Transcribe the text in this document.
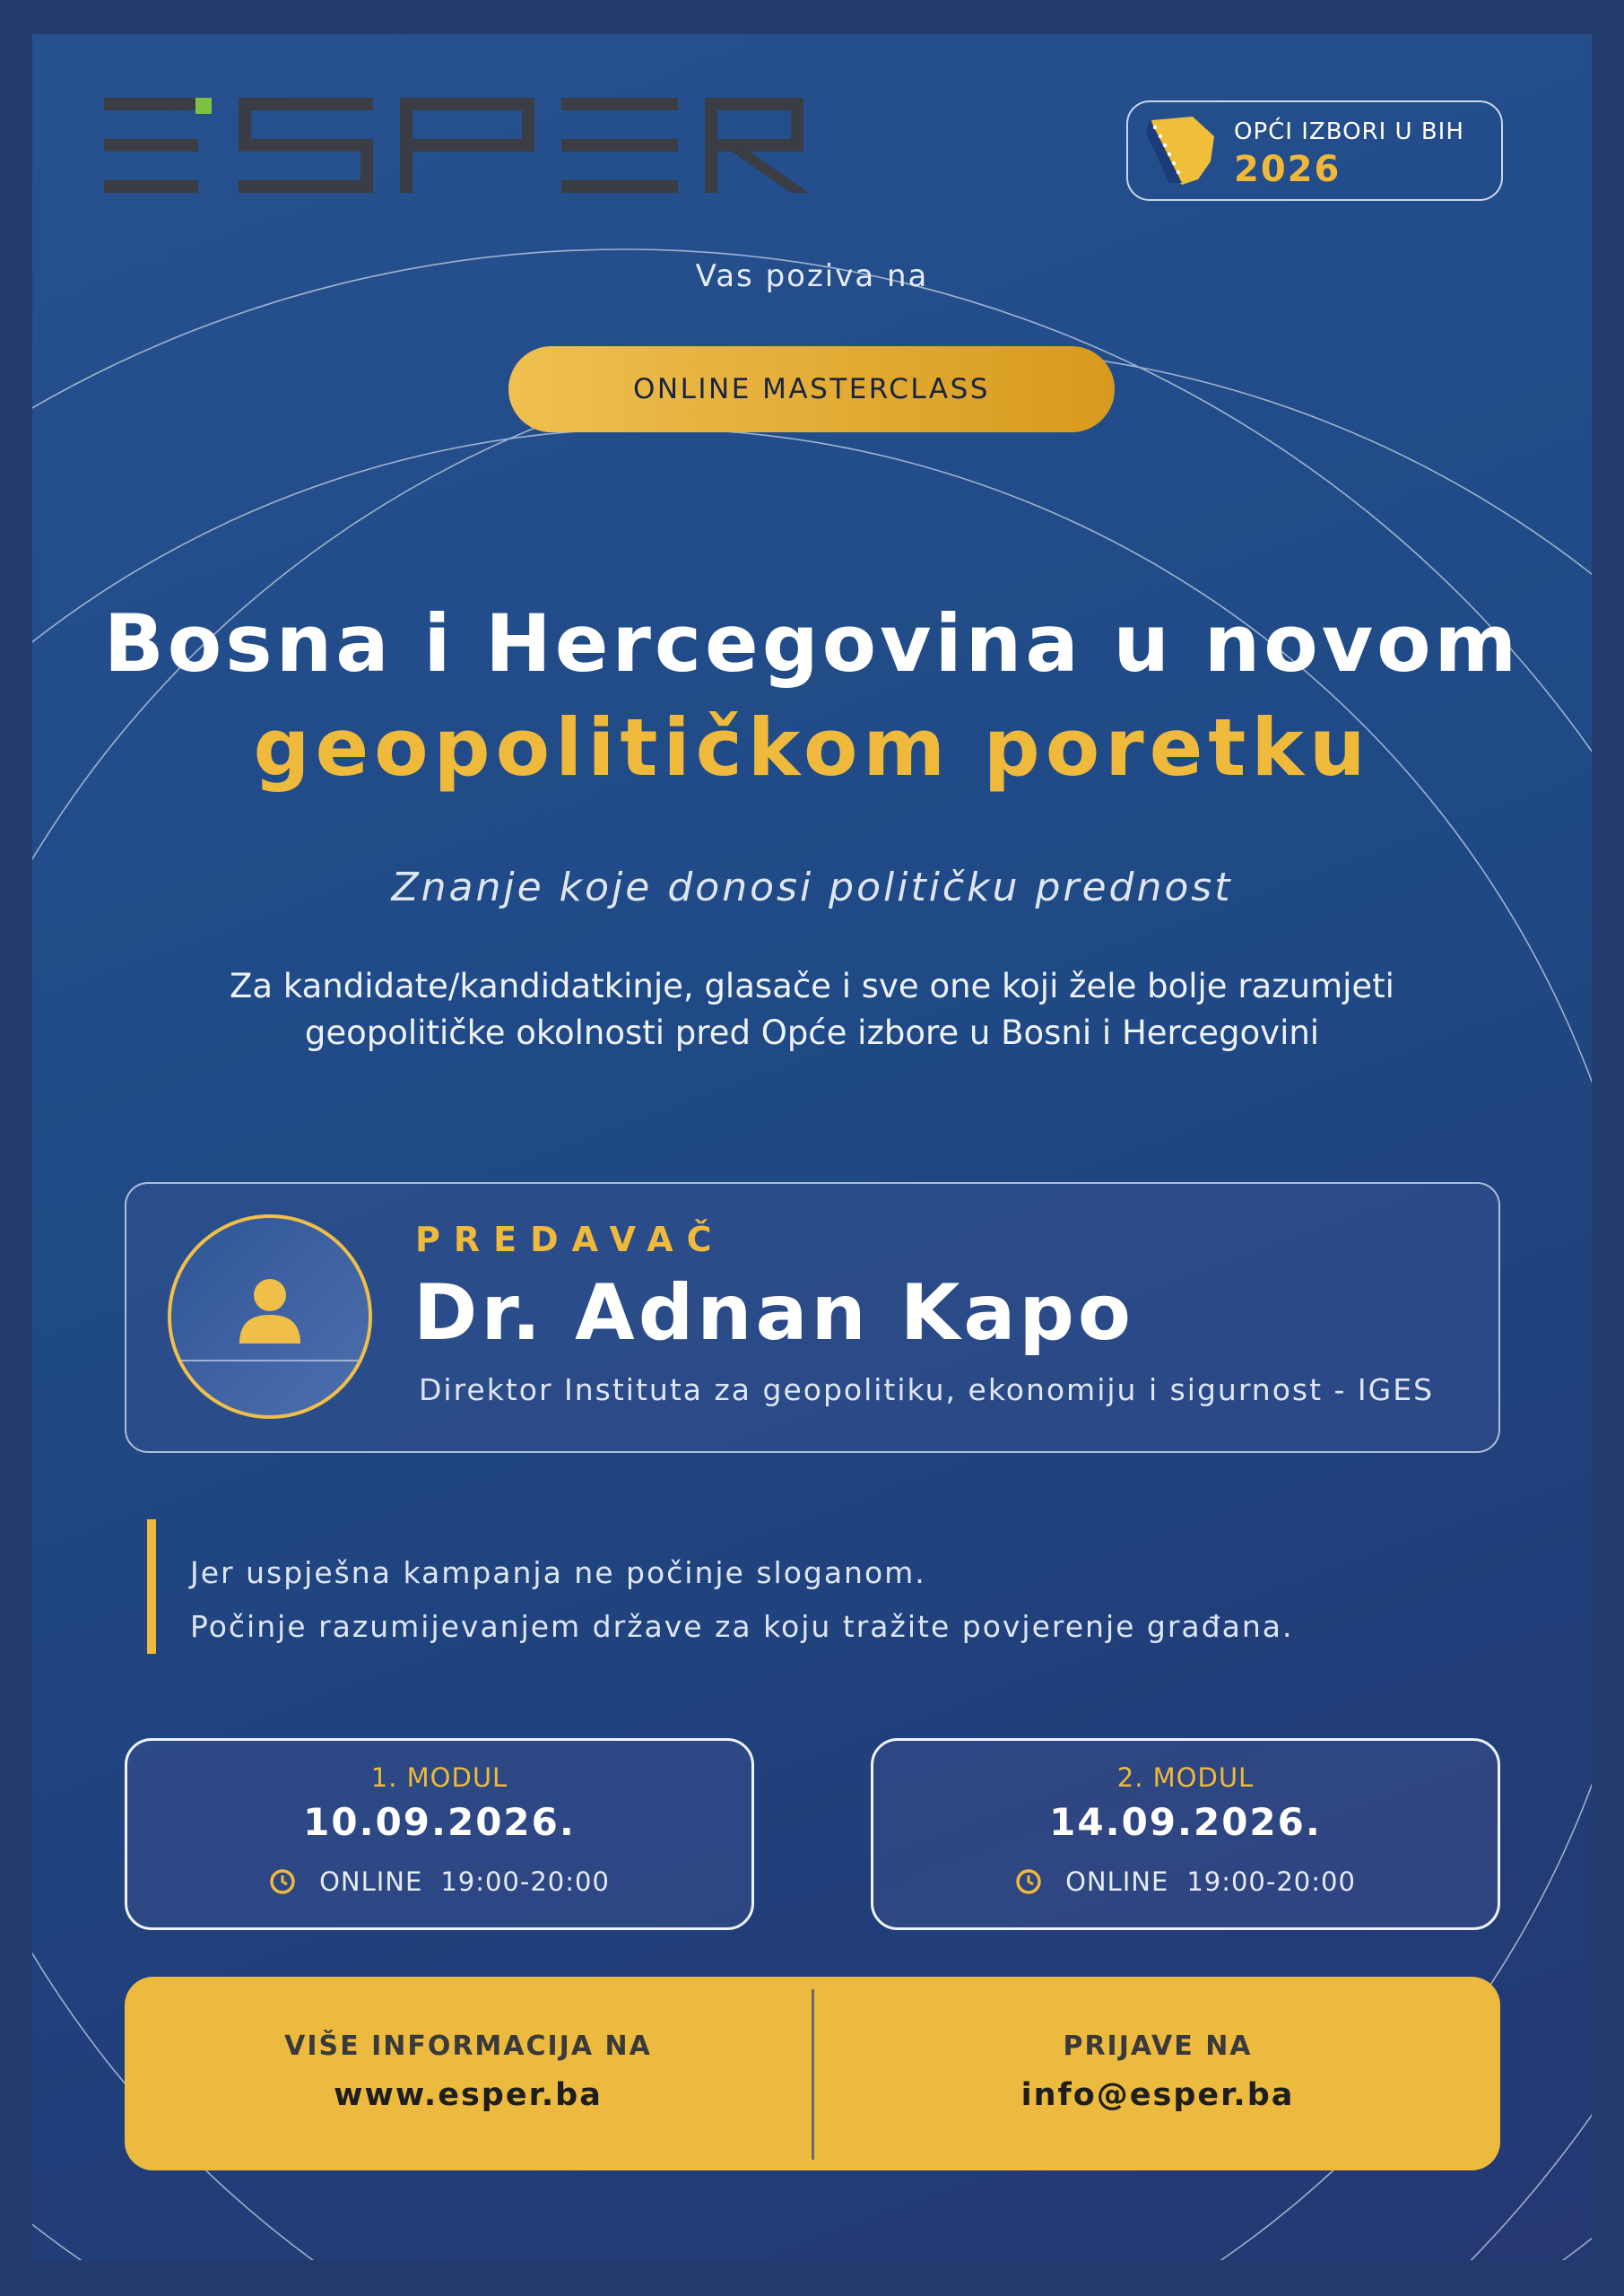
OPĆI IZBORI U BIH
2026
Vas poziva na
ONLINE MASTERCLASS
Bosna i Hercegovina u novom
geopolitičkom poretku
Znanje koje donosi političku prednost
Za kandidate/kandidatkinje, glasače i sve one koji žele bolje razumjeti
geopolitičke okolnosti pred Opće izbore u Bosni i Hercegovini
PREDAVAČ
Dr. Adnan Kapo
Direktor Instituta za geopolitiku, ekonomiju i sigurnost - IGES
Jer uspješna kampanja ne počinje sloganom.
Počinje razumijevanjem države za koju tražite povjerenje građana.
1. MODUL
10.09.2026.
ONLINE 19:00-20:00
2. MODUL
14.09.2026.
ONLINE 19:00-20:00
VIŠE INFORMACIJA NA
www.esper.ba
PRIJAVE NA
info@esper.ba
